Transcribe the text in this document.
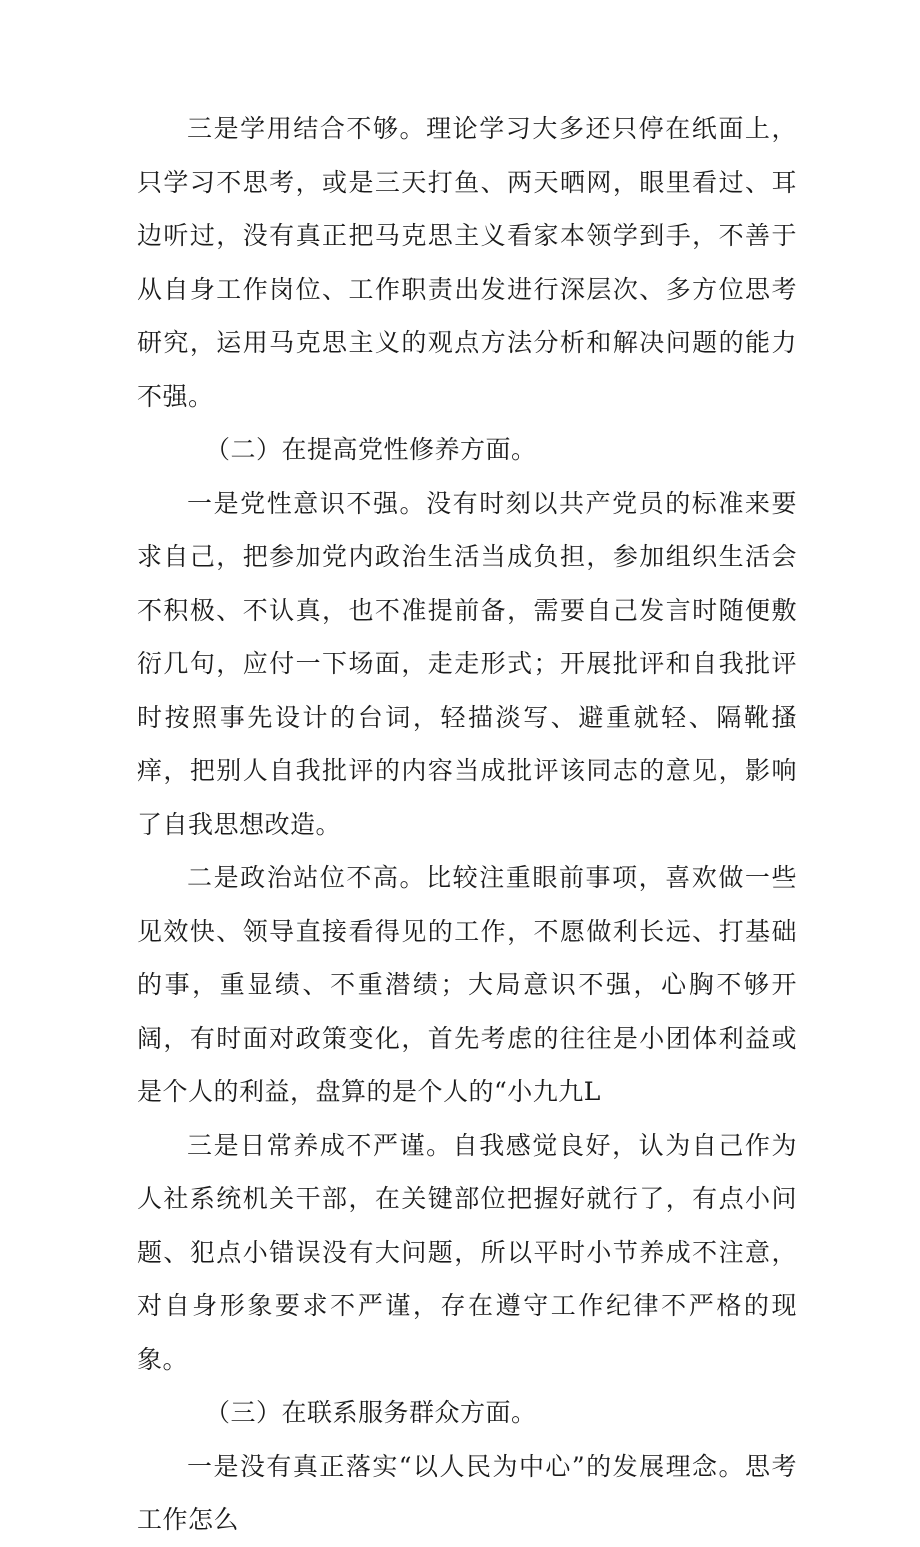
三是学用结合不够。理论学习大多还只停在纸面上，只学习不思考，或是三天打鱼、两天晒网，眼里看过、耳边听过，没有真正把马克思主义看家本领学到手，不善于从自身工作岗位、工作职责出发进行深层次、多方位思考研究，运用马克思主义的观点方法分析和解决问题的能力不强。

（二）在提高党性修养方面。

一是党性意识不强。没有时刻以共产党员的标准来要求自己，把参加党内政治生活当成负担，参加组织生活会不积极、不认真，也不准提前备，需要自己发言时随便敷衍几句，应付一下场面，走走形式；开展批评和自我批评时按照事先设计的台词，轻描淡写、避重就轻、隔靴搔痒，把别人自我批评的内容当成批评该同志的意见，影响了自我思想改造。

二是政治站位不高。比较注重眼前事项，喜欢做一些见效快、领导直接看得见的工作，不愿做利长远、打基础的事，重显绩、不重潜绩；大局意识不强，心胸不够开阔，有时面对政策变化，首先考虑的往往是小团体利益或是个人的利益，盘算的是个人的“小九九L

三是日常养成不严谨。自我感觉良好，认为自己作为人社系统机关干部，在关键部位把握好就行了，有点小问题、犯点小错误没有大问题，所以平时小节养成不注意，对自身形象要求不严谨，存在遵守工作纪律不严格的现象。

（三）在联系服务群众方面。

一是没有真正落实“以人民为中心”的发展理念。思考工作怎么
